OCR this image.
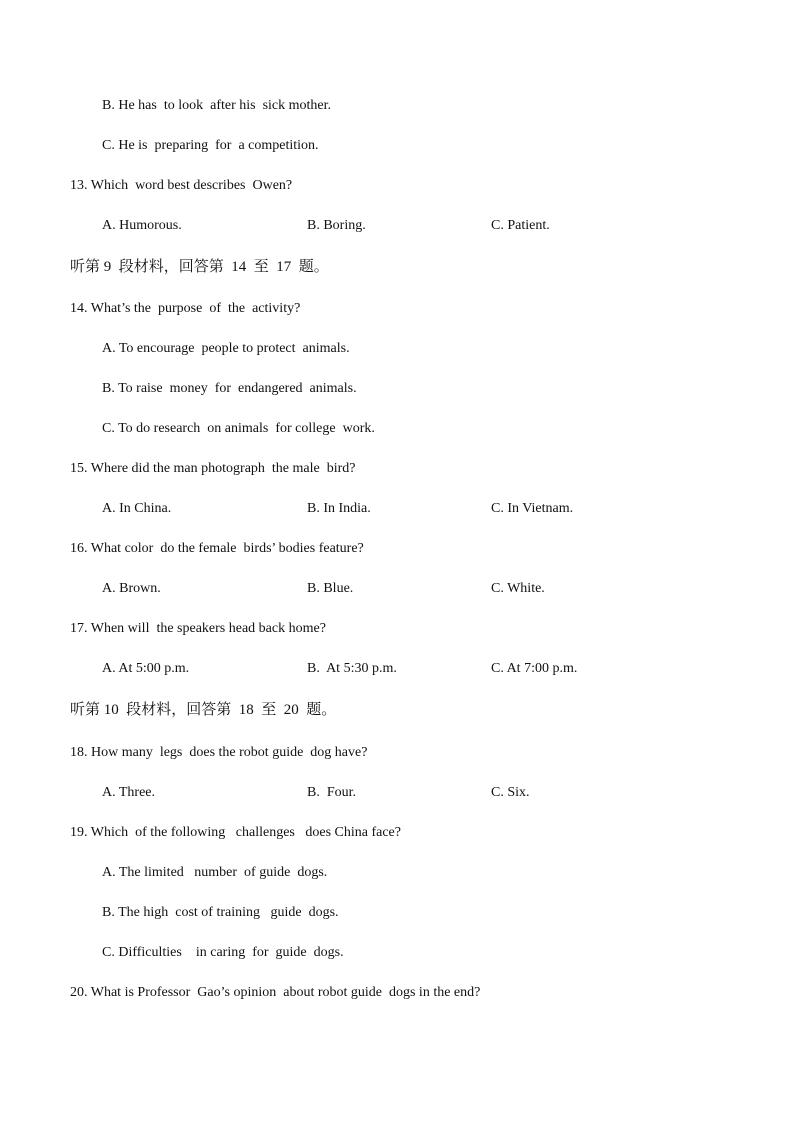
B. He has  to look  after his  sick mother.
C. He is  preparing  for  a competition.
13. Which  word best describes  Owen?
A. Humorous.	B. Boring.	C. Patient.
听第 9  段材料，回答第  14  至  17  题。
14. What’s the  purpose  of  the  activity?
A. To encourage  people to protect  animals.
B. To raise  money  for  endangered  animals.
C. To do research  on animals  for college  work.
15. Where did the man photograph  the male  bird?
A. In China.	B. In India.	C. In Vietnam.
16. What color  do the female  birds’ bodies feature?
A. Brown.	B. Blue.	C. White.
17. When will  the speakers head back home?
A. At 5:00 p.m.	B.  At 5:30 p.m.	C. At 7:00 p.m.
听第 10  段材料，回答第  18  至  20  题。
18. How many  legs  does the robot guide  dog have?
A. Three.	B.  Four.	C. Six.
19. Which  of the following   challenges   does China face?
A. The limited   number  of guide  dogs.
B. The high  cost of training   guide  dogs.
C. Difficulties    in caring  for  guide  dogs.
20. What is Professor  Gao’s opinion  about robot guide  dogs in the end?
